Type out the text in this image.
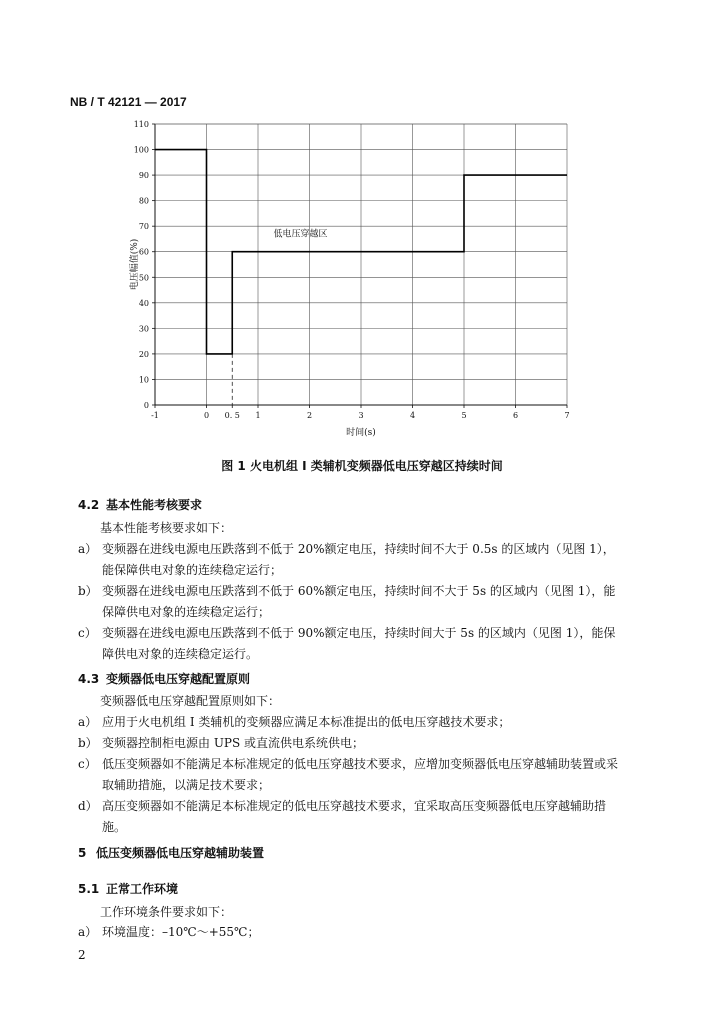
NB / T 42121 — 2017
0
10
20
30
40
50
60
70
80
90
100
110
-1	0 0. 5 1	2	3	4	5	6	7
低电压穿越区
时间(s)
电压幅值(%)
图 1 火电机组 I 类辅机变频器低电压穿越区持续时间
4.2 基本性能考核要求
基本性能考核要求如下：
a） 变频器在进线电源电压跌落到不低于 20%额定电压，持续时间不大于 0.5s 的区域内（见图 1），能保障供电对象的连续稳定运行；
b） 变频器在进线电源电压跌落到不低于 60%额定电压，持续时间不大于 5s 的区域内（见图 1），能保障供电对象的连续稳定运行；
c） 变频器在进线电源电压跌落到不低于 90%额定电压，持续时间大于 5s 的区域内（见图 1），能保障供电对象的连续稳定运行。
4.3 变频器低电压穿越配置原则
变频器低电压穿越配置原则如下：
a） 应用于火电机组 I 类辅机的变频器应满足本标准提出的低电压穿越技术要求；
b） 变频器控制柜电源由 UPS 或直流供电系统供电；
c） 低压变频器如不能满足本标准规定的低电压穿越技术要求，应增加变频器低电压穿越辅助装置或采取辅助措施，以满足技术要求；
d） 高压变频器如不能满足本标准规定的低电压穿越技术要求，宜采取高压变频器低电压穿越辅助措施。
5 低压变频器低电压穿越辅助装置
5.1 正常工作环境
工作环境条件要求如下：
a） 环境温度：–10℃～+55℃；
2
